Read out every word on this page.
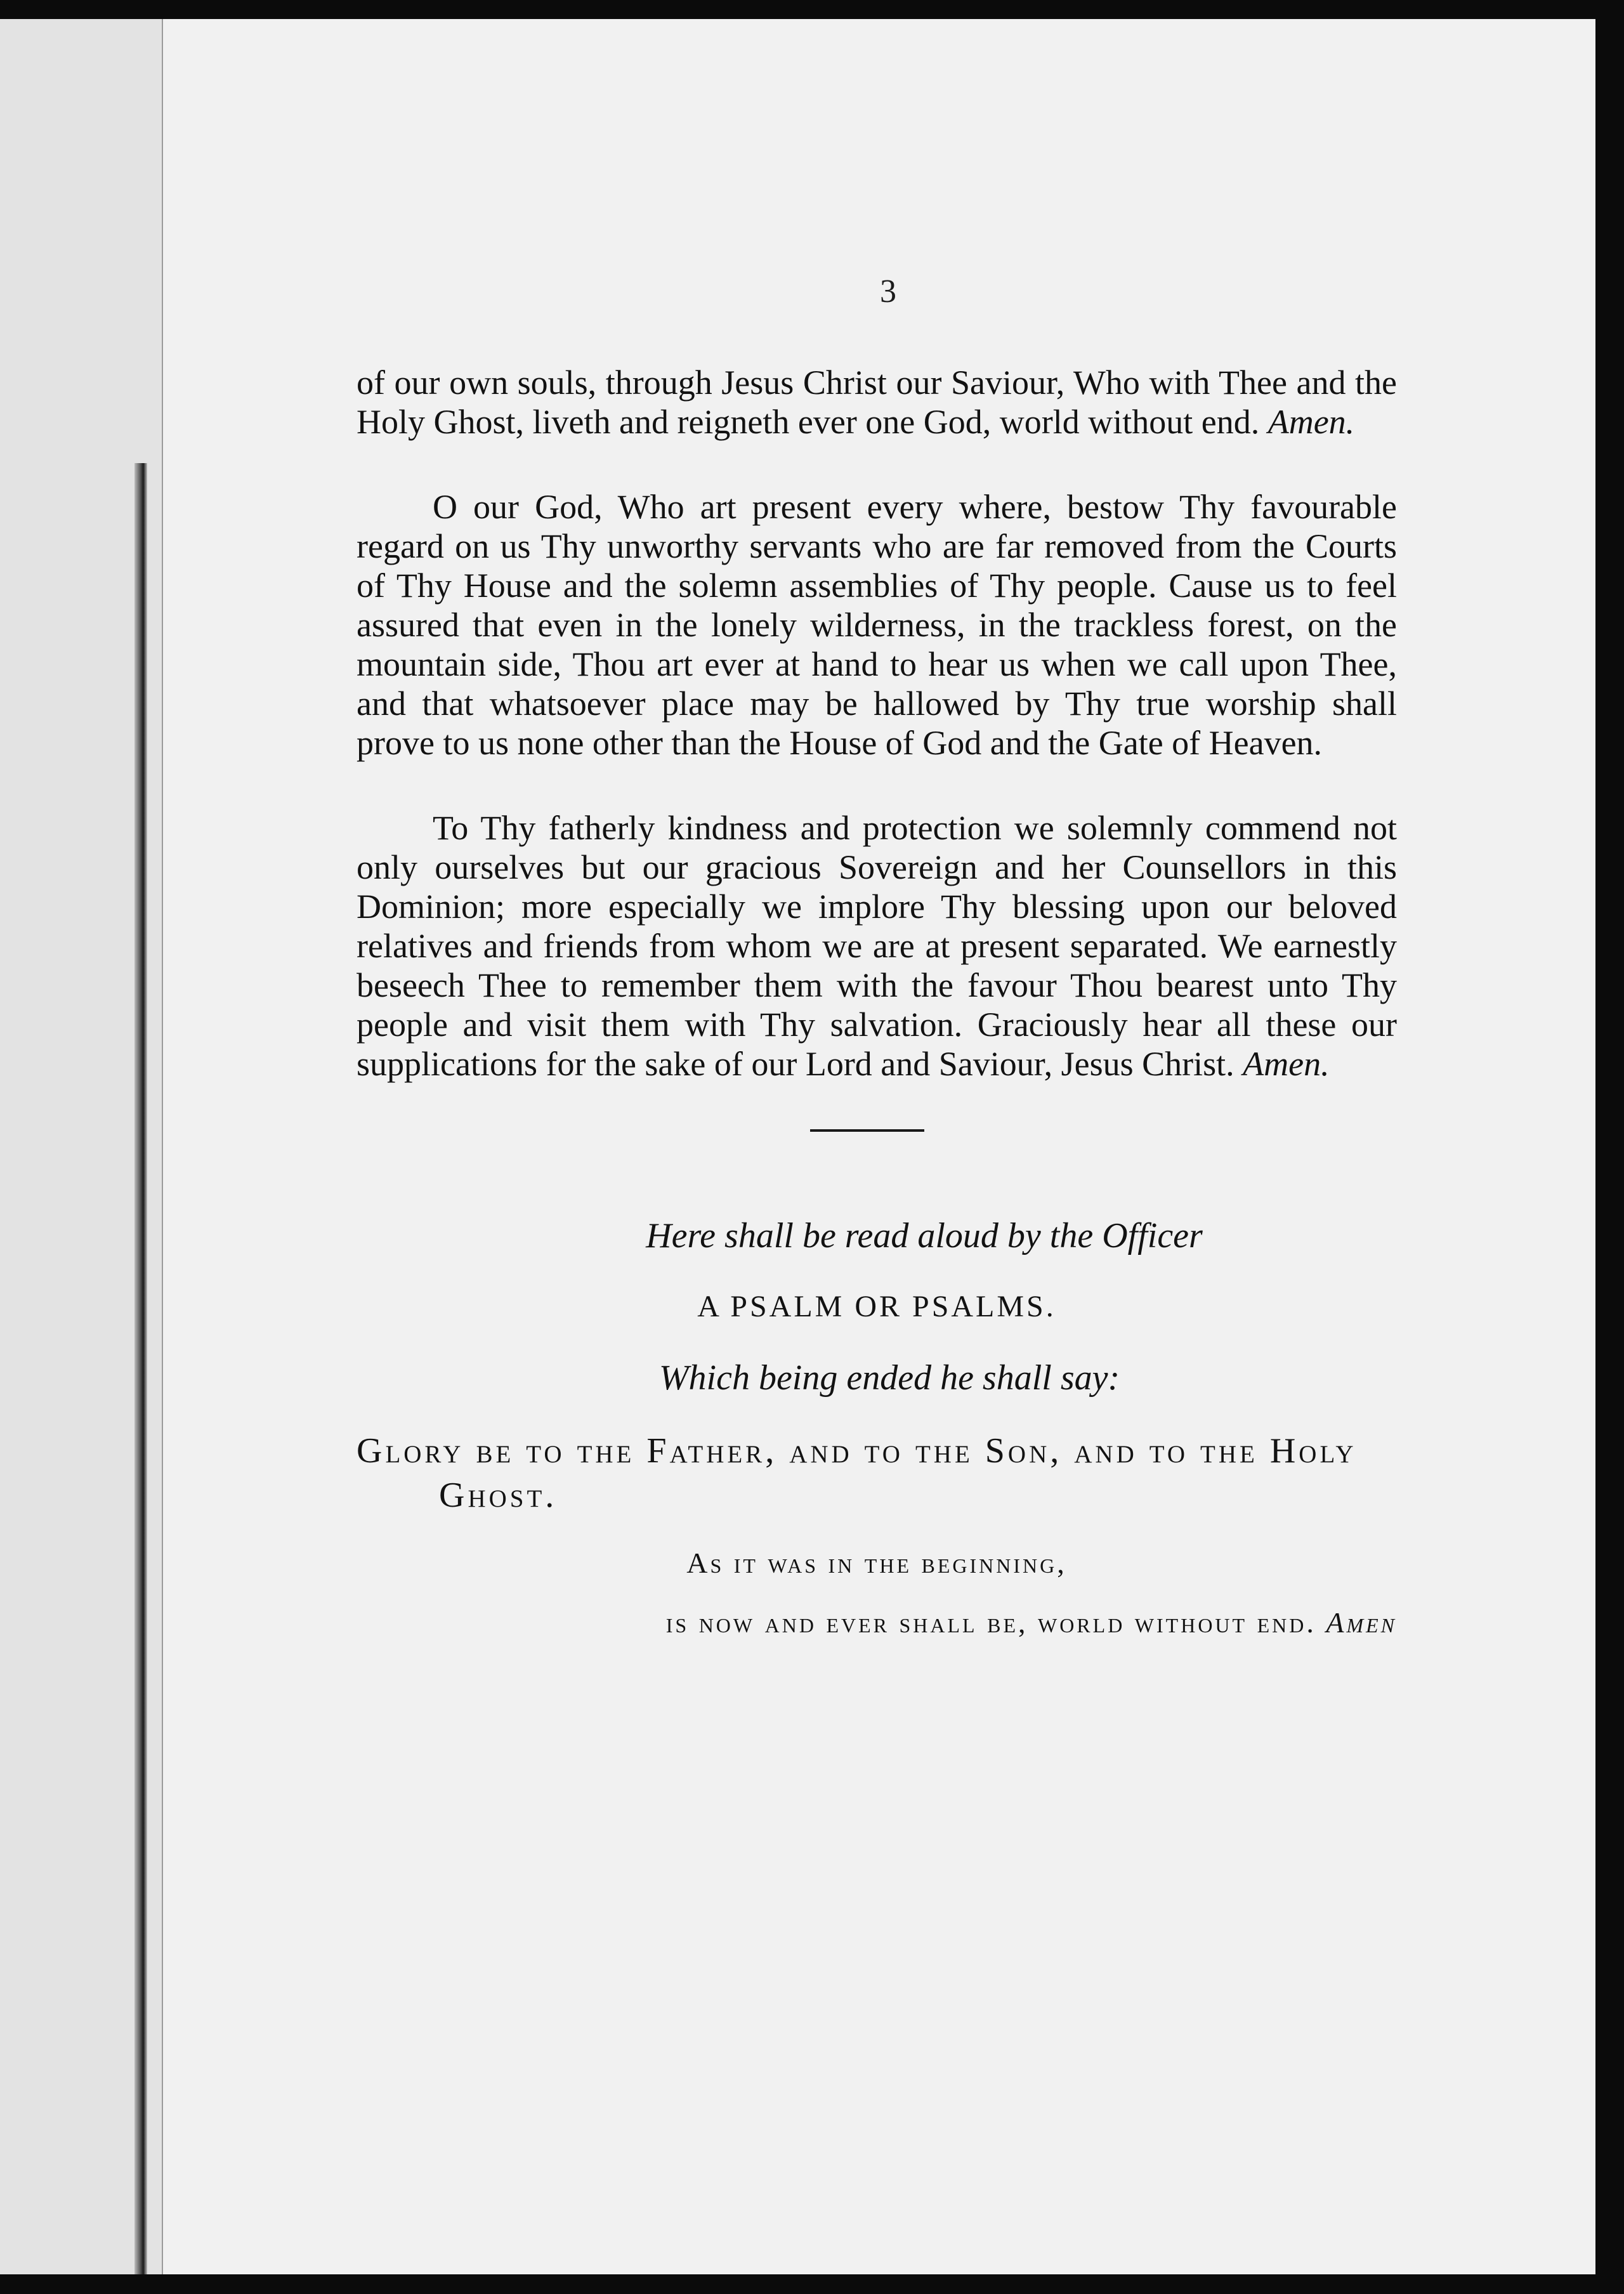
3

of our own souls, through Jesus Christ our Saviour, Who with Thee and the Holy Ghost, liveth and reigneth ever one God, world without end. Amen.

O our God, Who art present every where, bestow Thy favourable regard on us Thy unworthy servants who are far removed from the Courts of Thy House and the solemn assemblies of Thy people. Cause us to feel assured that even in the lonely wilderness, in the trackless forest, on the mountain side, Thou art ever at hand to hear us when we call upon Thee, and that whatsoever place may be hallowed by Thy true worship shall prove to us none other than the House of God and the Gate of Heaven.

To Thy fatherly kindness and protection we solemnly commend not only ourselves but our gracious Sovereign and her Counsellors in this Dominion; more especially we implore Thy blessing upon our beloved relatives and friends from whom we are at present separated. We earnestly beseech Thee to remember them with the favour Thou bearest unto Thy people and visit them with Thy salvation. Graciously hear all these our supplications for the sake of our Lord and Saviour, Jesus Christ. Amen.

Here shall be read aloud by the Officer

A PSALM OR PSALMS.

Which being ended he shall say:

Glory be to the Father, and to the Son, and to the Holy Ghost.

As it was in the beginning,

is now and ever shall be, world without end. Amen
